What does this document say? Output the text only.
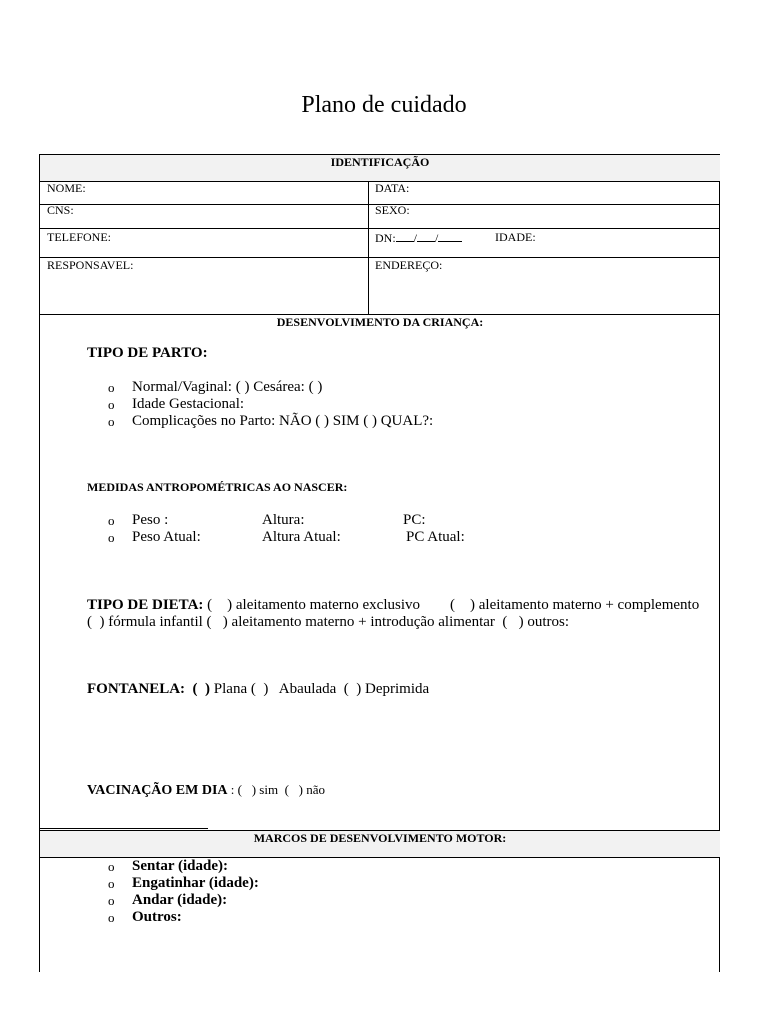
Plano de cuidado
IDENTIFICAÇÃO
NOME:	DATA:
CNS:	SEXO:
TELEFONE:	DN: / /	IDADE:
RESPONSAVEL:	ENDEREÇO:
DESENVOLVIMENTO DA CRIANÇA:
TIPO DE PARTO:
o Normal/Vaginal: ( ) Cesárea: ( )
o Idade Gestacional:
o Complicações no Parto: NÃO ( ) SIM ( ) QUAL?:
MEDIDAS ANTROPOMÉTRICAS AO NASCER:
o Peso :	Altura:	PC:
o Peso Atual:	Altura Atual:	PC Atual:
TIPO DE DIETA: (    ) aleitamento materno exclusivo        (    ) aleitamento materno + complemento
(  ) fórmula infantil (   ) aleitamento materno + introdução alimentar  (   ) outros:
FONTANELA:  (  ) Plana (  )   Abaulada  (  ) Deprimida
VACINAÇÃO EM DIA : (   ) sim  (   ) não
MARCOS DE DESENVOLVIMENTO MOTOR:
o Sentar (idade):
o Engatinhar (idade):
o Andar (idade):
o Outros:
